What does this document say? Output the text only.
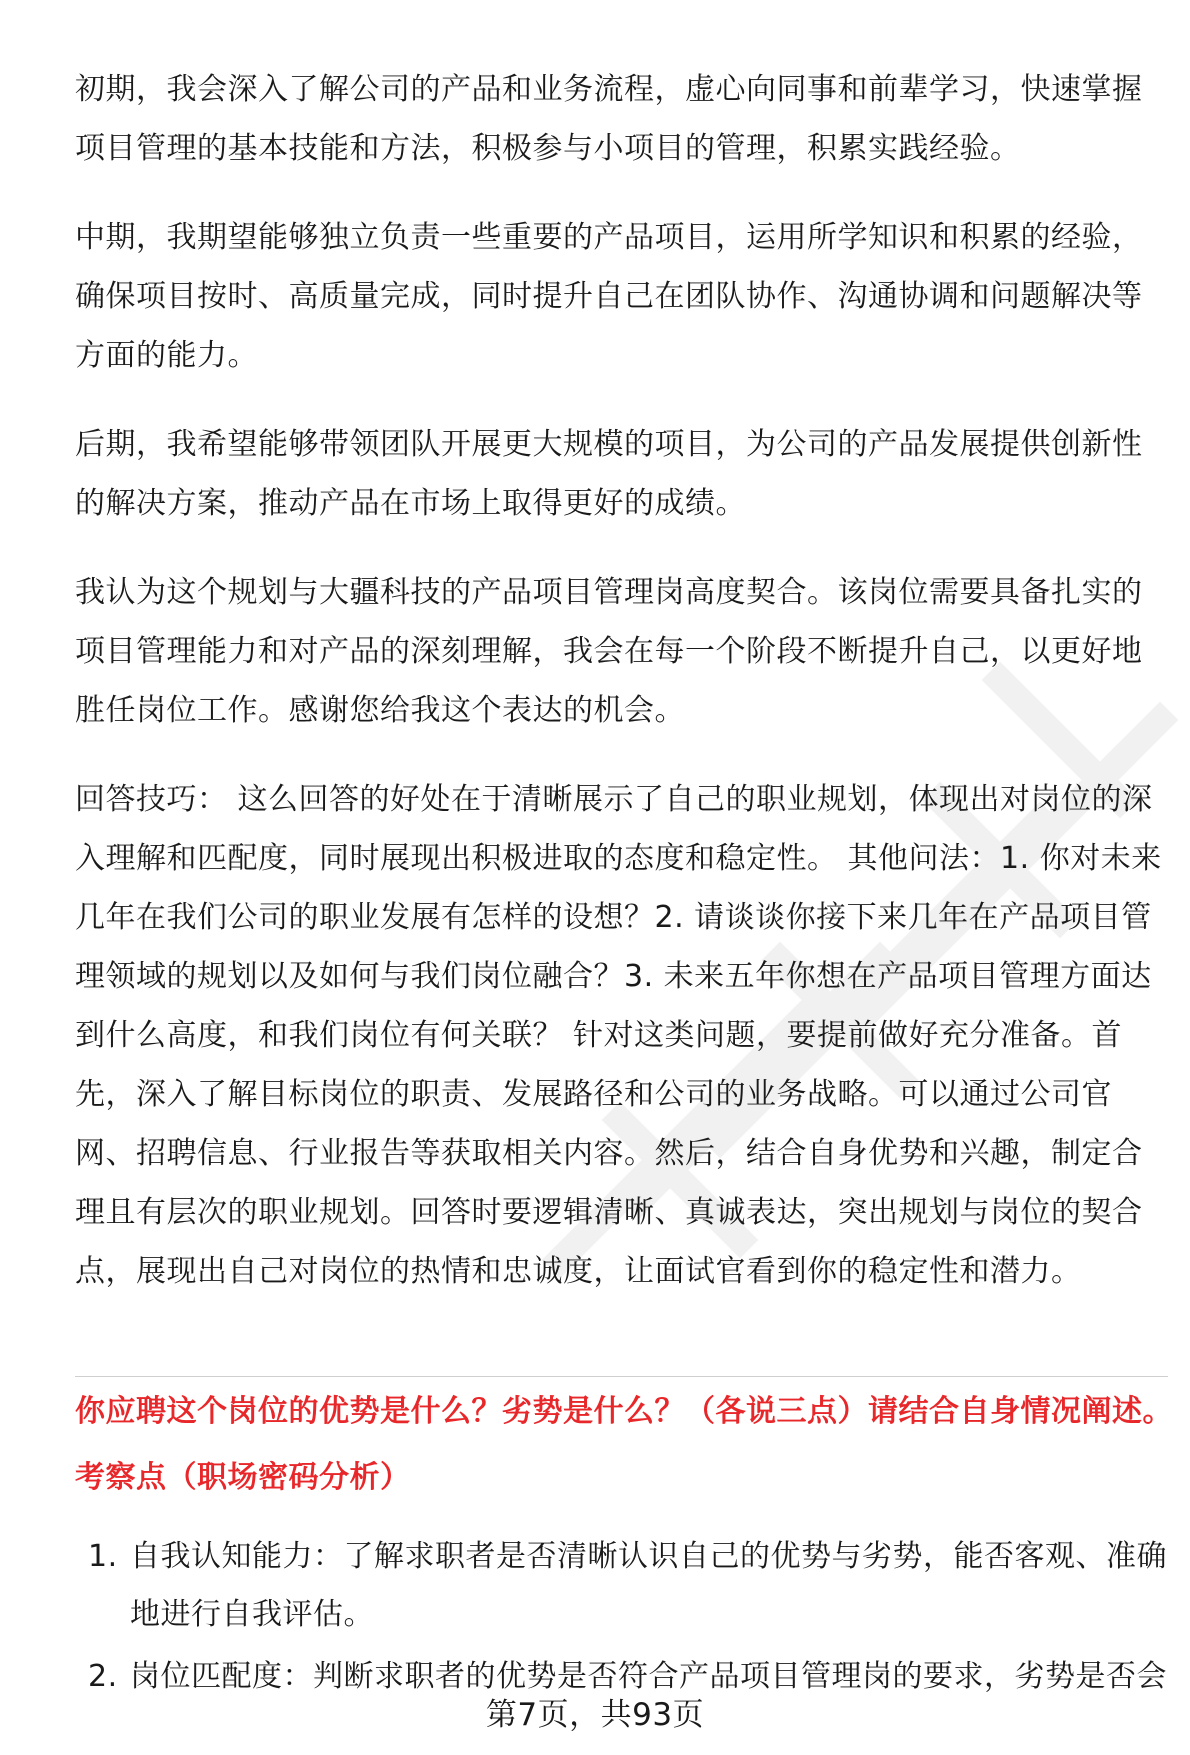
初期，我会深入了解公司的产品和业务流程，虚心向同事和前辈学习，快速掌握项目管理的基本技能和方法，积极参与小项目的管理，积累实践经验。

中期，我期望能够独立负责一些重要的产品项目，运用所学知识和积累的经验，确保项目按时、高质量完成，同时提升自己在团队协作、沟通协调和问题解决等方面的能力。

后期，我希望能够带领团队开展更大规模的项目，为公司的产品发展提供创新性的解决方案，推动产品在市场上取得更好的成绩。

我认为这个规划与大疆科技的产品项目管理岗高度契合。该岗位需要具备扎实的项目管理能力和对产品的深刻理解，我会在每一个阶段不断提升自己，以更好地胜任岗位工作。感谢您给我这个表达的机会。

回答技巧： 这么回答的好处在于清晰展示了自己的职业规划，体现出对岗位的深入理解和匹配度，同时展现出积极进取的态度和稳定性。 其他问法：1. 你对未来几年在我们公司的职业发展有怎样的设想？2. 请谈谈你接下来几年在产品项目管理领域的规划以及如何与我们岗位融合？3. 未来五年你想在产品项目管理方面达到什么高度，和我们岗位有何关联？ 针对这类问题，要提前做好充分准备。首先，深入了解目标岗位的职责、发展路径和公司的业务战略。可以通过公司官网、招聘信息、行业报告等获取相关内容。然后，结合自身优势和兴趣，制定合理且有层次的职业规划。回答时要逻辑清晰、真诚表达，突出规划与岗位的契合点，展现出自己对岗位的热情和忠诚度，让面试官看到你的稳定性和潜力。

你应聘这个岗位的优势是什么？劣势是什么？（各说三点）请结合自身情况阐述。
考察点（职场密码分析）
1. 自我认知能力：了解求职者是否清晰认识自己的优势与劣势，能否客观、准确地进行自我评估。
2. 岗位匹配度：判断求职者的优势是否符合产品项目管理岗的要求，劣势是否会
第7页，共93页
